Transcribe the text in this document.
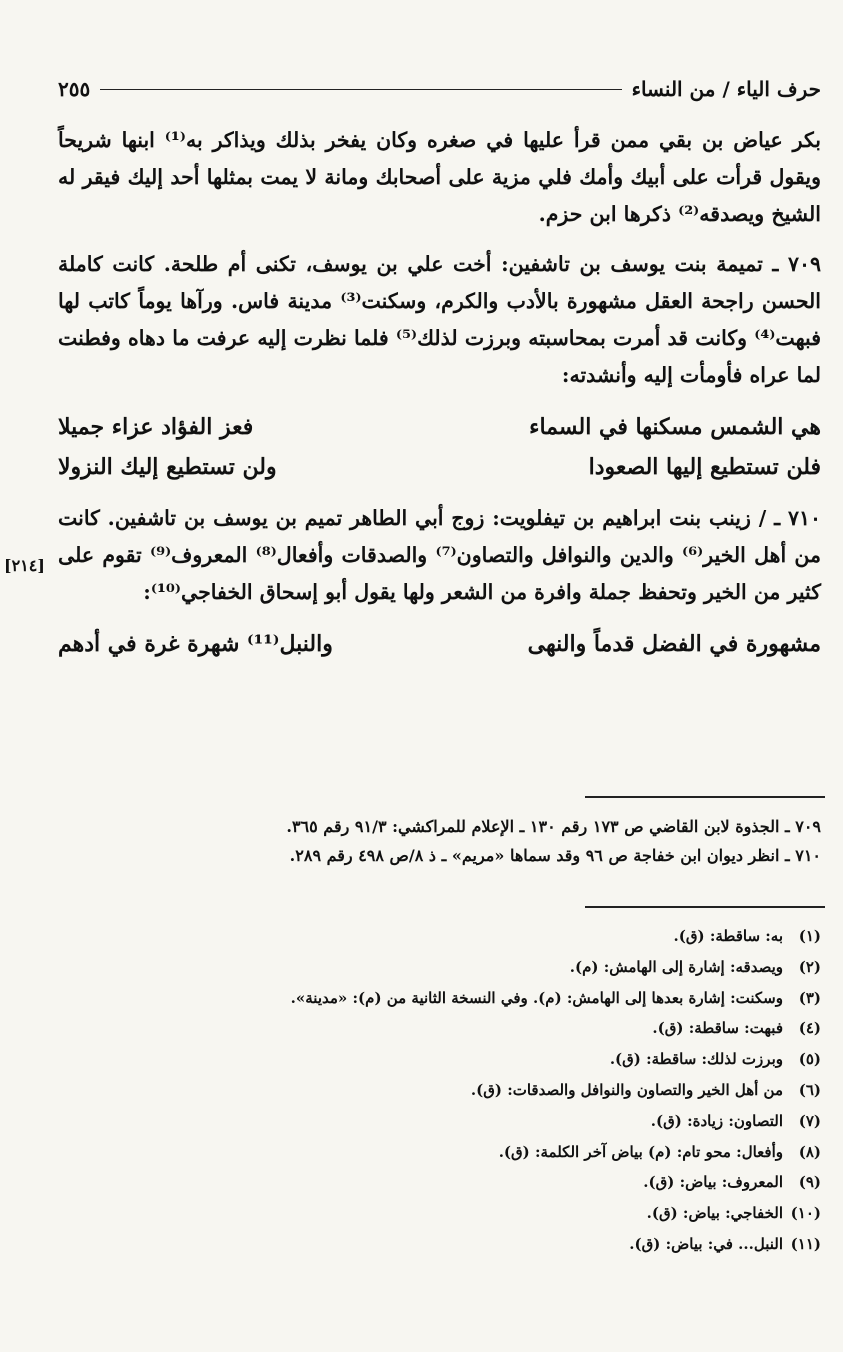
حرف الياء / من النساء
٢٥٥

بكر عياض بن بقي ممن قرأ عليها في صغره وكان يفخر بذلك ويذاكر به⁽¹⁾ ابنها شريحاً ويقول قرأت على أبيك وأمك فلي مزية على أصحابك ومانة لا يمت بمثلها أحد إليك فيقر له الشيخ ويصدقه⁽²⁾ ذكرها ابن حزم.

٧٠٩ ـ تميمة بنت يوسف بن تاشفين: أخت علي بن يوسف، تكنى أم طلحة. كانت كاملة الحسن راجحة العقل مشهورة بالأدب والكرم، وسكنت⁽³⁾ مدينة فاس. ورآها يوماً كاتب لها فبهت⁽⁴⁾ وكانت قد أمرت بمحاسبته وبرزت لذلك⁽⁵⁾ فلما نظرت إليه عرفت ما دهاه وفطنت لما عراه فأومأت إليه وأنشدته:

هي الشمس مسكنها في السماء
فعز الفؤاد عزاء جميلا
فلن تستطيع إليها الصعودا
ولن تستطيع إليك النزولا

٧١٠ ـ / زينب بنت ابراهيم بن تيفلويت: زوج أبي الطاهر تميم بن يوسف بن تاشفين. كانت من أهل الخير⁽⁶⁾ والدين والنوافل والتصاون⁽⁷⁾ والصدقات وأفعال⁽⁸⁾ المعروف⁽⁹⁾ تقوم على كثير من الخير وتحفظ جملة وافرة من الشعر ولها يقول أبو إسحاق الخفاجي⁽¹⁰⁾:

مشهورة في الفضل قدماً والنهى
والنبل⁽¹¹⁾ شهرة غرة في أدهم
[٢١٤]

٧٠٩ ـ الجذوة لابن القاضي ص ١٧٣ رقم ١٣٠ ـ الإعلام للمراكشي: ٩١/٣ رقم ٣٦٥.

٧١٠ ـ انظر ديوان ابن خفاجة ص ٩٦ وقد سماها «مريم» ـ ذ ٨/ص ٤٩٨ رقم ٢٨٩.

(١)به: ساقطة: (ق).

(٢)ويصدقه: إشارة إلى الهامش: (م).

(٣)وسكنت: إشارة بعدها إلى الهامش: (م). وفي النسخة الثانية من (م): «مدينة».

(٤)فبهت: ساقطة: (ق).

(٥)وبرزت لذلك: ساقطة: (ق).

(٦)من أهل الخير والتصاون والنوافل والصدقات: (ق).

(٧)التصاون: زيادة: (ق).

(٨)وأفعال: محو تام: (م) بياض آخر الكلمة: (ق).

(٩)المعروف: بياض: (ق).

(١٠)الخفاجي: بياض: (ق).

(١١)النبل... في: بياض: (ق).
